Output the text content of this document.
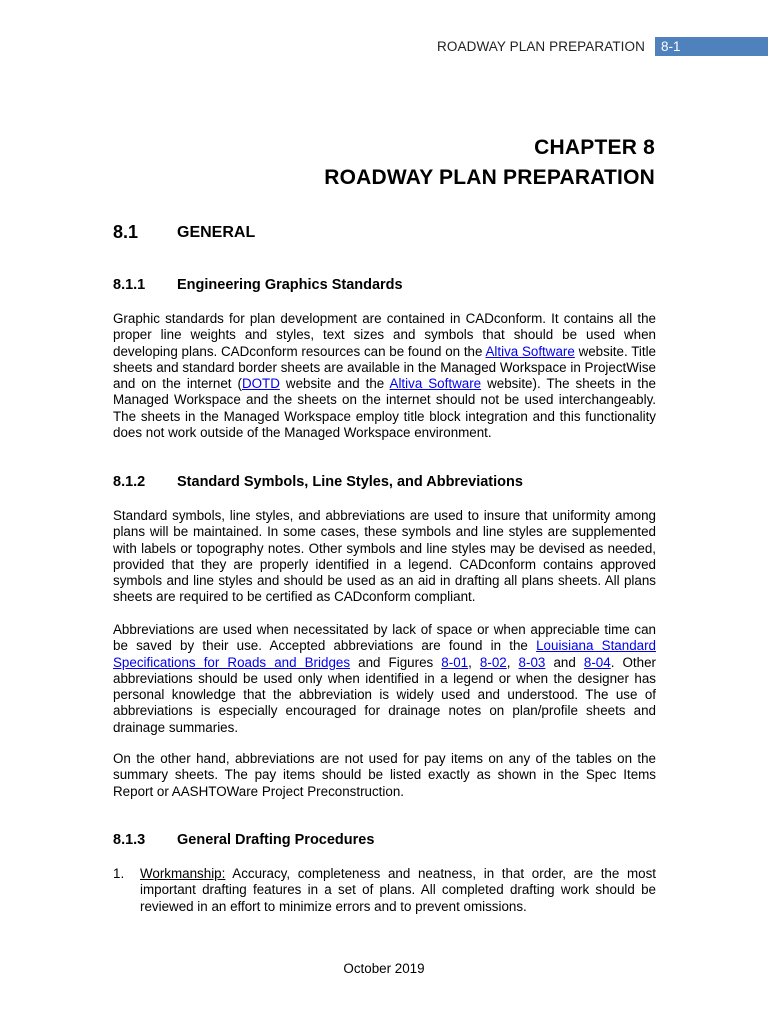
ROADWAY PLAN PREPARATION	8-1
CHAPTER 8
ROADWAY PLAN PREPARATION
8.1	GENERAL
8.1.1	Engineering Graphics Standards

Graphic standards for plan development are contained in CADconform. It contains all the proper line weights and styles, text sizes and symbols that should be used when developing plans. CADconform resources can be found on the Altiva Software website. Title sheets and standard border sheets are available in the Managed Workspace in ProjectWise and on the internet (DOTD website and the Altiva Software website). The sheets in the Managed Workspace and the sheets on the internet should not be used interchangeably. The sheets in the Managed Workspace employ title block integration and this functionality does not work outside of the Managed Workspace environment.

8.1.2	Standard Symbols, Line Styles, and Abbreviations

Standard symbols, line styles, and abbreviations are used to insure that uniformity among plans will be maintained. In some cases, these symbols and line styles are supplemented with labels or topography notes. Other symbols and line styles may be devised as needed, provided that they are properly identified in a legend. CADconform contains approved symbols and line styles and should be used as an aid in drafting all plans sheets. All plans sheets are required to be certified as CADconform compliant.

Abbreviations are used when necessitated by lack of space or when appreciable time can be saved by their use. Accepted abbreviations are found in the Louisiana Standard Specifications for Roads and Bridges and Figures 8-01, 8-02, 8-03 and 8-04. Other abbreviations should be used only when identified in a legend or when the designer has personal knowledge that the abbreviation is widely used and understood. The use of abbreviations is especially encouraged for drainage notes on plan/profile sheets and drainage summaries.

On the other hand, abbreviations are not used for pay items on any of the tables on the summary sheets. The pay items should be listed exactly as shown in the Spec Items Report or AASHTOWare Project Preconstruction.

8.1.3	General Drafting Procedures
1.	Workmanship: Accuracy, completeness and neatness, in that order, are the most important drafting features in a set of plans. All completed drafting work should be reviewed in an effort to minimize errors and to prevent omissions.
October 2019
